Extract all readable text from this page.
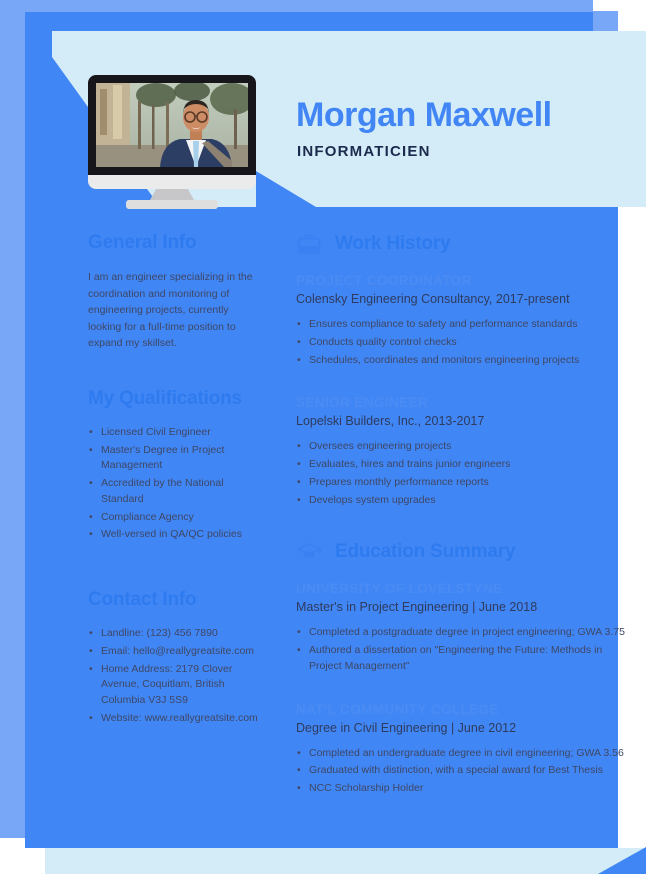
Morgan Maxwell
INFORMATICIEN
General Info
I am an engineer specializing in the coordination and monitoring of engineering projects, currently looking for a full-time position to expand my skillset.
My Qualifications
• Licensed Civil Engineer
• Master's Degree in Project Management
• Accredited by the National Standard
• Compliance Agency
• Well-versed in QA/QC policies
Contact Info
• Landline: (123) 456 7890
• Email: hello@reallygreatsite.com
• Home Address: 2179 Clover Avenue, Coquitlam, British Columbia V3J 5S9
• Website: www.reallygreatsite.com
Work History
PROJECT COORDINATOR
Colensky Engineering Consultancy, 2017-present
• Ensures compliance to safety and performance standards
• Conducts quality control checks
• Schedules, coordinates and monitors engineering projects
SENIOR ENGINEER
Lopelski Builders, Inc., 2013-2017
• Oversees engineering projects
• Evaluates, hires and trains junior engineers
• Prepares monthly performance reports
• Develops system upgrades
Education Summary
UNIVERSITY OF LOVELSTYNE
Master's in Project Engineering | June 2018
• Completed a postgraduate degree in project engineering; GWA 3.75
• Authored a dissertation on "Engineering the Future: Methods in Project Management"
NAT'L COMMUNITY COLLEGE
Degree in Civil Engineering | June 2012
• Completed an undergraduate degree in civil engineering; GWA 3.56
• Graduated with distinction, with a special award for Best Thesis
• NCC Scholarship Holder
